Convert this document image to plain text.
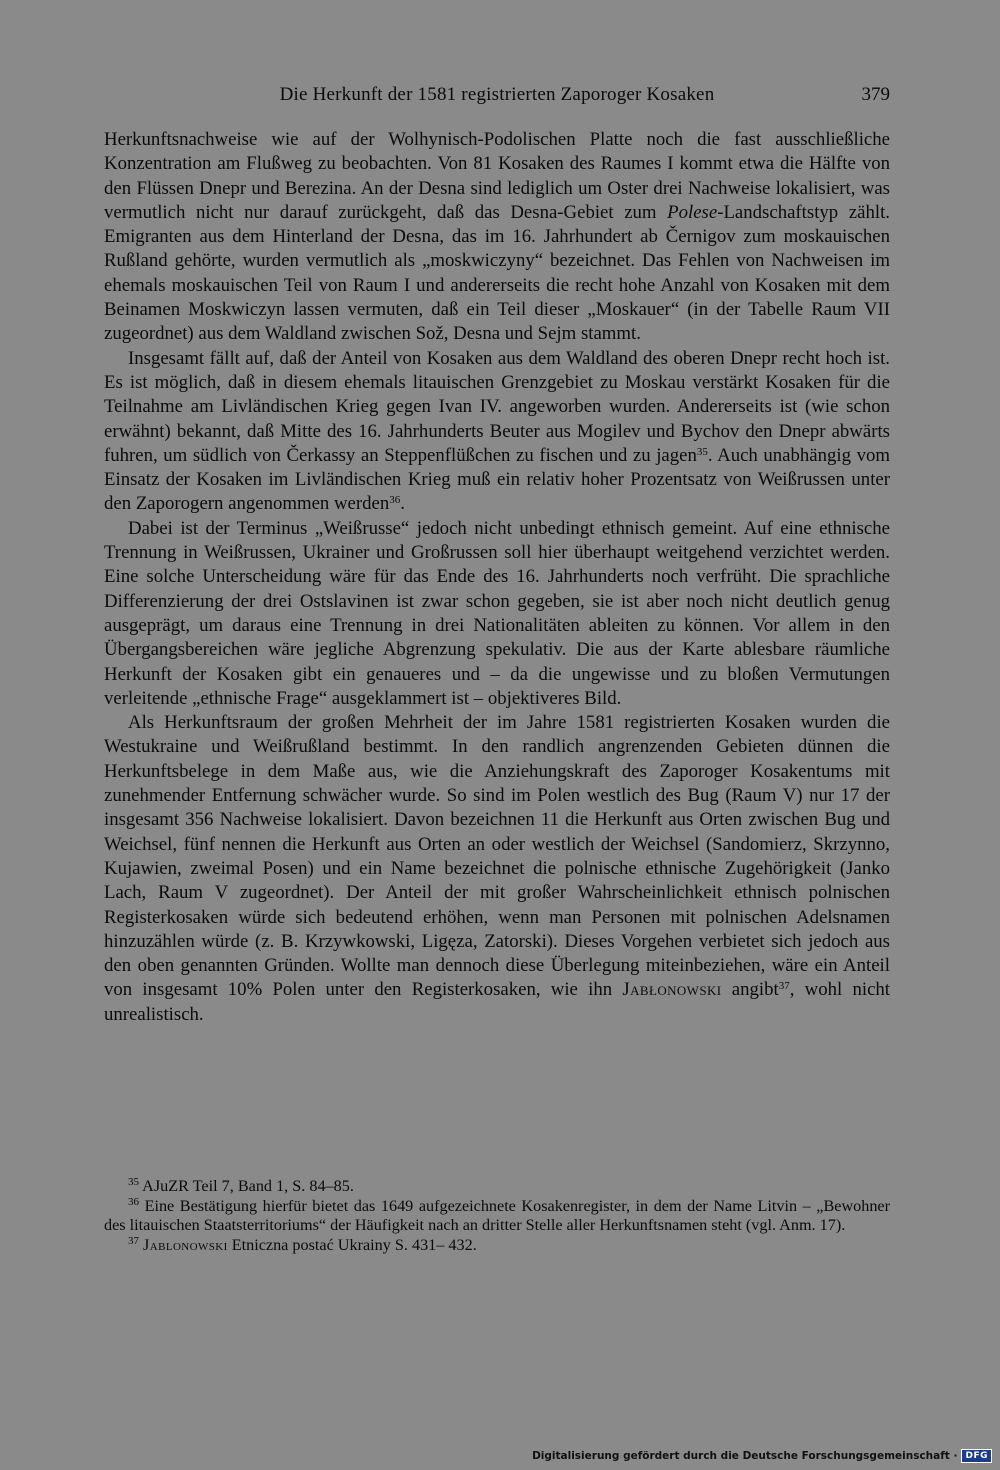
Die Herkunft der 1581 registrierten Zaporoger Kosaken	379

Herkunftsnachweise wie auf der Wolhynisch-Podolischen Platte noch die fast ausschließliche Konzentration am Flußweg zu beobachten. Von 81 Kosaken des Raumes I kommt etwa die Hälfte von den Flüssen Dnepr und Berezina. An der Desna sind lediglich um Oster drei Nachweise lokalisiert, was vermutlich nicht nur darauf zurückgeht, daß das Desna-Gebiet zum Polese-Landschaftstyp zählt. Emigranten aus dem Hinterland der Desna, das im 16. Jahrhundert ab Černigov zum moskauischen Rußland gehörte, wurden vermutlich als „moskwiczyny“ bezeichnet. Das Fehlen von Nachweisen im ehemals moskauischen Teil von Raum I und andererseits die recht hohe Anzahl von Kosaken mit dem Beinamen Moskwiczyn lassen vermuten, daß ein Teil dieser „Moskauer“ (in der Tabelle Raum VII zugeordnet) aus dem Waldland zwischen Sož, Desna und Sejm stammt.

Insgesamt fällt auf, daß der Anteil von Kosaken aus dem Waldland des oberen Dnepr recht hoch ist. Es ist möglich, daß in diesem ehemals litauischen Grenzgebiet zu Moskau verstärkt Kosaken für die Teilnahme am Livländischen Krieg gegen Ivan IV. angeworben wurden. Andererseits ist (wie schon erwähnt) bekannt, daß Mitte des 16. Jahrhunderts Beuter aus Mogilev und Bychov den Dnepr abwärts fuhren, um südlich von Čerkassy an Steppenflüßchen zu fischen und zu jagen$^{35}$. Auch unabhängig vom Einsatz der Kosaken im Livländischen Krieg muß ein relativ hoher Prozentsatz von Weißrussen unter den Zaporogern angenommen werden$^{36}$.

Dabei ist der Terminus „Weißrusse“ jedoch nicht unbedingt ethnisch gemeint. Auf eine ethnische Trennung in Weißrussen, Ukrainer und Großrussen soll hier überhaupt weitgehend verzichtet werden. Eine solche Unterscheidung wäre für das Ende des 16. Jahrhunderts noch verfrüht. Die sprachliche Differenzierung der drei Ostslavinen ist zwar schon gegeben, sie ist aber noch nicht deutlich genug ausgeprägt, um daraus eine Trennung in drei Nationalitäten ableiten zu können. Vor allem in den Übergangsbereichen wäre jegliche Abgrenzung spekulativ. Die aus der Karte ablesbare räumliche Herkunft der Kosaken gibt ein genaueres und – da die ungewisse und zu bloßen Vermutungen verleitende „ethnische Frage“ ausgeklammert ist – objektiveres Bild.

Als Herkunftsraum der großen Mehrheit der im Jahre 1581 registrierten Kosaken wurden die Westukraine und Weißrußland bestimmt. In den randlich angrenzenden Gebieten dünnen die Herkunftsbelege in dem Maße aus, wie die Anziehungskraft des Zaporoger Kosakentums mit zunehmender Entfernung schwächer wurde. So sind im Polen westlich des Bug (Raum V) nur 17 der insgesamt 356 Nachweise lokalisiert. Davon bezeichnen 11 die Herkunft aus Orten zwischen Bug und Weichsel, fünf nennen die Herkunft aus Orten an oder westlich der Weichsel (Sandomierz, Skrzynno, Kujawien, zweimal Posen) und ein Name bezeichnet die polnische ethnische Zugehörigkeit (Janko Lach, Raum V zugeordnet). Der Anteil der mit großer Wahrscheinlichkeit ethnisch polnischen Registerkosaken würde sich bedeutend erhöhen, wenn man Personen mit polnischen Adelsnamen hinzuzählen würde (z. B. Krzywkowski, Ligęza, Zatorski). Dieses Vorgehen verbietet sich jedoch aus den oben genannten Gründen. Wollte man dennoch diese Überlegung miteinbeziehen, wäre ein Anteil von insgesamt 10% Polen unter den Registerkosaken, wie ihn Jabłonowski angibt$^{37}$, wohl nicht unrealistisch.

$^{35}$ AJuZR Teil 7, Band 1, S. 84–85.

$^{36}$ Eine Bestätigung hierfür bietet das 1649 aufgezeichnete Kosakenregister, in dem der Name Litvin – „Bewohner des litauischen Staatsterritoriums“ der Häufigkeit nach an dritter Stelle aller Herkunftsnamen steht (vgl. Anm. 17).

$^{37}$ Jablonowski Etniczna postać Ukrainy S. 431– 432.

Digitalisierung gefördert durch die Deutsche Forschungsgemeinschaft · DFG
